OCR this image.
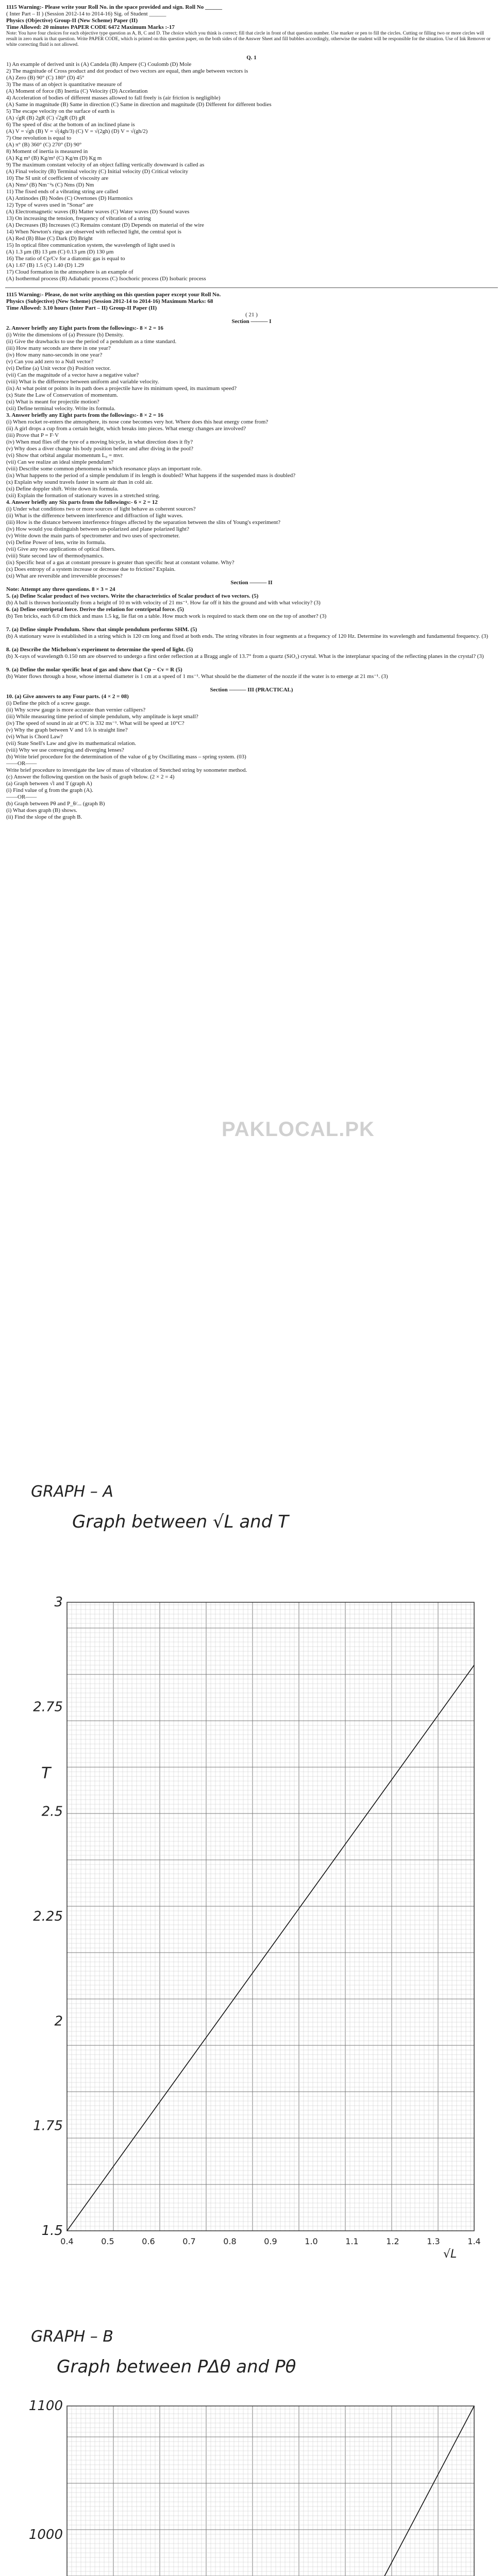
1115 Warning:- Please write your Roll No. in the space provided and sign. Roll No ______
( Inter Part – II ) (Session 2012-14 to 2014-16) Sig. of Student ______
Physics (Objective) Group-II (New Scheme) Paper (II)
Time Allowed: 20 minutes PAPER CODE 6472 Maximum Marks :-17
Note: You have four choices for each objective type question as A, B, C and D. The choice which you think is correct; fill that circle in front of that question number. Use marker or pen to fill the circles. Cutting or filling two or more circles will result in zero mark in that question. Write PAPER CODE, which is printed on this question paper, on the both sides of the Answer Sheet and fill bubbles accordingly, otherwise the student will be responsible for the situation. Use of Ink Remover or white correcting fluid is not allowed.
Q. 1
1) An example of derived unit is (A) Candela (B) Ampere (C) Coulomb (D) Mole
2) The magnitude of Cross product and dot product of two vectors are equal, then angle between vectors is
(A) Zero (B) 90° (C) 180° (D) 45°
3) The mass of an object is quantitative measure of
(A) Moment of force (B) Inertia (C) Velocity (D) Acceleration
4) Acceleration of bodies of different masses allowed to fall freely is (air friction is negligible)
(A) Same in magnitude (B) Same in direction (C) Same in direction and magnitude (D) Different for different bodies
5) The escape velocity on the surface of earth is
(A) √gR (B) 2gR (C) √2gR (D) gR
6) The speed of disc at the bottom of an inclined plane is
(A) V = √gh (B) V = √(4gh/3) (C) V = √(2gh) (D) V = √(gh/2)
7) One revolution is equal to
(A) π° (B) 360° (C) 270° (D) 90°
8) Moment of inertia is measured in
(A) Kg m² (B) Kg/m² (C) Kg/m (D) Kg m
9) The maximum constant velocity of an object falling vertically downward is called as
(A) Final velocity (B) Terminal velocity (C) Initial velocity (D) Critical velocity
10) The SI unit of coefficient of viscosity are
(A) Nms² (B) Nm⁻²s (C) Nms (D) Nm
11) The fixed ends of a vibrating string are called
(A) Antinodes (B) Nodes (C) Overtones (D) Harmonics
12) Type of waves used in "Sonar" are
(A) Electromagnetic waves (B) Matter waves (C) Water waves (D) Sound waves
13) On increasing the tension, frequency of vibration of a string
(A) Decreases (B) Increases (C) Remains constant (D) Depends on material of the wire
14) When Newton's rings are observed with reflected light, the central spot is
(A) Red (B) Blue (C) Dark (D) Bright
15) In optical fibre communication system, the wavelength of light used is
(A) 1.3 μm (B) 13 μm (C) 0.13 μm (D) 130 μm
16) The ratio of Cp/Cv for a diatomic gas is equal to
(A) 1.67 (B) 1.5 (C) 1.40 (D) 1.29
17) Cloud formation in the atmosphere is an example of
(A) Isothermal process (B) Adiabatic process (C) Isochoric process (D) Isobaric process
1115 Warning:- Please, do not write anything on this question paper except your Roll No.
Physics (Subjective) (New Scheme) (Session 2012-14 to 2014-16) Maximum Marks: 68
Time Allowed: 3.10 hours (Inter Part – II) Group-II Paper (II)
( 21 )
Section ——— I
2. Answer briefly any Eight parts from the followings:- 8 × 2 = 16
(i) Write the dimensions of (a) Pressure (b) Density.
(ii) Give the drawbacks to use the period of a pendulum as a time standard.
(iii) How many seconds are there in one year?
(iv) How many nano-seconds in one year?
(v) Can you add zero to a Null vector?
(vi) Define (a) Unit vector (b) Position vector.
(vii) Can the magnitude of a vector have a negative value?
(viii) What is the difference between uniform and variable velocity.
(ix) At what point or points in its path does a projectile have its minimum speed, its maximum speed?
(x) State the Law of Conservation of momentum.
(xi) What is meant for projectile motion?
(xii) Define terminal velocity. Write its formula.
3. Answer briefly any Eight parts from the followings:- 8 × 2 = 16
(i) When rocket re-enters the atmosphere, its nose cone becomes very hot. Where does this heat energy come from?
(ii) A girl drops a cup from a certain height, which breaks into pieces. What energy changes are involved?
(iii) Prove that P = F·V
(iv) When mud flies off the tyre of a moving bicycle, in what direction does it fly?
(v) Why does a diver change his body position before and after diving in the pool?
(vi) Show that orbital angular momentum L₀ = mvr.
(vii) Can we realize an ideal simple pendulum?
(viii) Describe some common phenomena in which resonance plays an important role.
(ix) What happens to the period of a simple pendulum if its length is doubled? What happens if the suspended mass is doubled?
(x) Explain why sound travels faster in warm air than in cold air.
(xi) Define doppler shift. Write down its formula.
(xii) Explain the formation of stationary waves in a stretched string.
4. Answer briefly any Six parts from the followings:- 6 × 2 = 12
(i) Under what conditions two or more sources of light behave as coherent sources?
(ii) What is the difference between interference and diffraction of light waves.
(iii) How is the distance between interference fringes affected by the separation between the slits of Young's experiment?
(iv) How would you distinguish between un-polarized and plane polarized light?
(v) Write down the main parts of spectrometer and two uses of spectrometer.
(vi) Define Power of lens, write its formula.
(vii) Give any two applications of optical fibers.
(viii) State second law of thermodynamics.
(ix) Specific heat of a gas at constant pressure is greater than specific heat at constant volume. Why?
(x) Does entropy of a system increase or decrease due to friction? Explain.
(xi) What are reversible and irreversible processes?
Section ——— II
Note: Attempt any three questions. 8 × 3 = 24
5. (a) Define Scalar product of two vectors. Write the characteristics of Scalar product of two vectors. (5)
(b) A ball is thrown horizontally from a height of 10 m with velocity of 21 ms⁻¹. How far off it hits the ground and with what velocity? (3)
6. (a) Define centripetal force. Derive the relation for centripetal force. (5)
(b) Ten bricks, each 6.0 cm thick and mass 1.5 kg, lie flat on a table. How much work is required to stack them one on the top of another? (3)
7. (a) Define simple Pendulum. Show that simple pendulum performs SHM. (5)
(b) A stationary wave is established in a string which is 120 cm long and fixed at both ends. The string vibrates in four segments at a frequency of 120 Hz. Determine its wavelength and fundamental frequency. (3)
8. (a) Describe the Michelson's experiment to determine the speed of light. (5)
(b) X-rays of wavelength 0.150 nm are observed to undergo a first order reflection at a Bragg angle of 13.7° from a quartz (SiO₂) crystal. What is the interplanar spacing of the reflecting planes in the crystal? (3)
9. (a) Define the molar specific heat of gas and show that Cp − Cv = R (5)
(b) Water flows through a hose, whose internal diameter is 1 cm at a speed of 1 ms⁻¹. What should be the diameter of the nozzle if the water is to emerge at 21 ms⁻¹. (3)
Section ——— III (PRACTICAL)
10. (a) Give answers to any Four parts. (4 × 2 = 08)
(i) Define the pitch of a screw gauge.
(ii) Why screw gauge is more accurate than vernier callipers?
(iii) While measuring time period of simple pendulum, why amplitude is kept small?
(iv) The speed of sound in air at 0°C is 332 ms⁻¹. What will be speed at 10°C?
(v) Why the graph between V and 1/λ is straight line?
(vi) What is Chord Law?
(vii) State Snell's Law and give its mathematical relation.
(viii) Why we use converging and diverging lenses?
(b) Write brief procedure for the determination of the value of g by Oscillating mass – spring system. (03)
——OR——
Write brief procedure to investigate the law of mass of vibration of Stretched string by sonometer method.
(c) Answer the following question on the basis of graph below. (2 × 2 = 4)
(a) Graph between √l and T (graph A)
(i) Find value of g from the graph (A).
——OR——
(b) Graph between Pθ and P_θ/... (graph B)
(i) What does graph (B) shows.
(ii) Find the slope of the graph B.
PAKLOCAL.PK
GRAPH – A
Graph between √L and T
0.4	0.5	0.6	0.7	0.8	0.9	1.0	1.1	1.2	1.3	1.4
1.5
1.75
2
2.25
2.5
2.75
3
T
√L
GRAPH – B
Graph between PΔθ and Pθ
1000
1100
